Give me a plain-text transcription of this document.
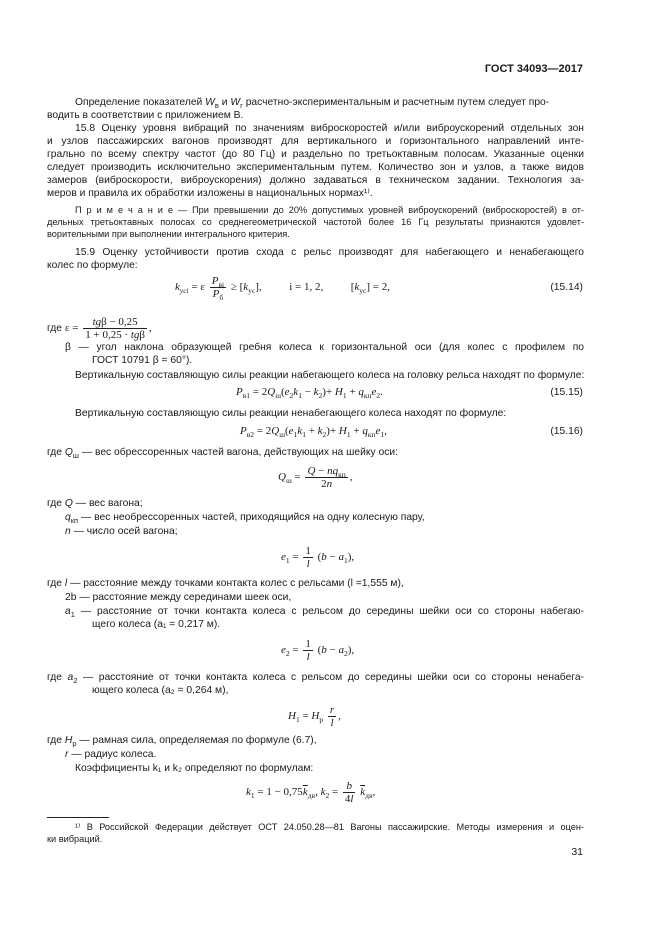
ГОСТ 34093—2017
Определение показателей $W_в$ и $W_г$ расчетно-экспериментальным и расчетным путем следует про-
водить в соответствии с приложением В.
15.8 Оценку уровня вибраций по значениям виброскоростей и/или виброускорений отдельных зон
и узлов пассажирских вагонов производят для вертикального и горизонтального направлений инте-
грально по всему спектру частот (до 80 Гц) и раздельно по третьоктавным полосам. Указанные оценки
следует производить исключительно экспериментальным путем. Количество зон и узлов, а также видов
замеров (виброскорости, виброускорения) должно задаваться в техническом задании. Технология за-
меров и правила их обработки изложены в национальных нормах¹⁾.
П р и м е ч а н и е — При превышении до 20% допустимых уровней виброускорений (виброскоростей) в от-
дельных третьоктавных полосах со среднегеометрической частотой более 16 Гц результаты признаются удовлет-
ворительными при выполнении интегрального критерия.
15.9 Оценку устойчивости против схода с рельс производят для набегающего и ненабегающего
колес по формуле:
$k_{усi} = \varepsilon \frac{P_{вi}}{P_б} \ge [k_{ус}]$,  i = 1, 2,  $[k_{ус}] = 2$,	(15.14)
где $\varepsilon = \frac{\text{tgβ − 0,25}}{\text{1 + 0,25 · tgβ}}$ ,
β — угол наклона образующей гребня колеса к горизонтальной оси (для колес с профилем по
ГОСТ 10791 β = 60°).
Вертикальную составляющую силы реакции набегающего колеса на головку рельса находят по формуле:
$P_{в1} = 2Q_ш(e_2k_1 - k_2)+ H_1 + q_{кп}e_2$.	(15.15)
Вертикальную составляющую силы реакции ненабегающего колеса находят по формуле:
$P_{в2} = 2Q_ш(e_1k_1 + k_2)+ H_1 + q_{кп}e_1$,	(15.16)
где $Q_ш$ — вес обрессоренных частей вагона, действующих на шейку оси:
$Q_ш = \frac{Q - nq_{кп}}{2n}$ ,
где Q — вес вагона;
$q_{кп}$ — вес необрессоренных частей, приходящийся на одну колесную пару,
n — число осей вагона;
$e_1 = \frac{1}{l} (b - a_1)$,
где l — расстояние между точками контакта колес с рельсами (l =1,555 м),
2b — расстояние между серединами шеек оси,
$a_1$ — расстояние от точки контакта колеса с рельсом до середины шейки оси со стороны набегаю-
щего колеса (a₁ = 0,217 м).
$e_2 = \frac{1}{l} (b - a_2)$,
где $a_2$ — расстояние от точки контакта колеса с рельсом до середины шейки оси со стороны ненабега-
ющего колеса (a₂ = 0,264 м),
$H_1 = H_р \frac{r}{l}$ ,
где $H_р$ — рамная сила, определяемая по формуле (6.7),
r — радиус колеса.
Коэффициенты k₁ и k₂ определяют по формулам:
$k_1 = 1 - 0,75\overline{k}_{дв}$, $k_2 = \frac{b}{4l} \overline{k}_{дв}$,
¹⁾ В Российской Федерации действует ОСТ 24.050.28—81 Вагоны пассажирские. Методы измерения и оцен-
ки вибраций.
31
